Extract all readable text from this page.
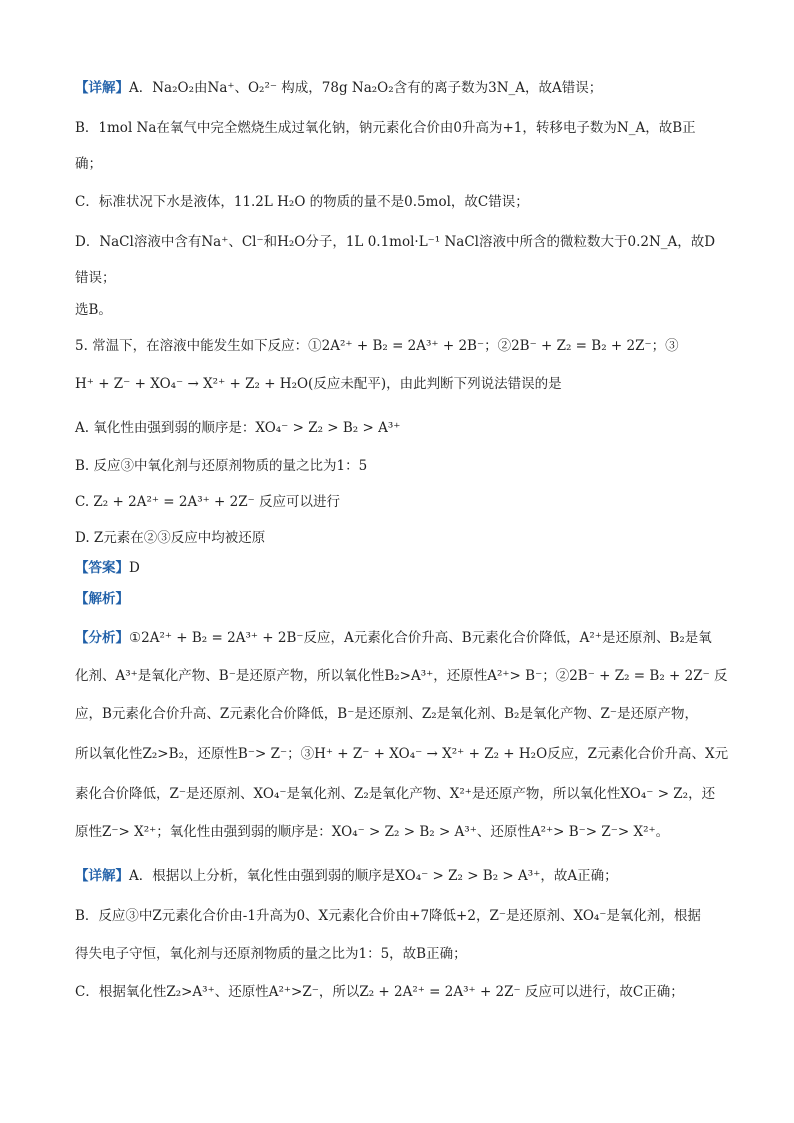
【详解】A．Na₂O₂由Na⁺、O₂²⁻ 构成，78g Na₂O₂含有的离子数为3N_A，故A错误；
B．1mol Na在氧气中完全燃烧生成过氧化钠，钠元素化合价由0升高为+1，转移电子数为N_A，故B正
确；
C．标准状况下水是液体，11.2L H₂O 的物质的量不是0.5mol，故C错误；
D．NaCl溶液中含有Na⁺、Cl⁻和H₂O分子，1L 0.1mol·L⁻¹ NaCl溶液中所含的微粒数大于0.2N_A，故D
错误；
选B。
5. 常温下，在溶液中能发生如下反应：①2A²⁺ + B₂ = 2A³⁺ + 2B⁻；②2B⁻ + Z₂ = B₂ + 2Z⁻；③
H⁺ + Z⁻ + XO₄⁻ → X²⁺ + Z₂ + H₂O(反应未配平)，由此判断下列说法错误的是
A. 氧化性由强到弱的顺序是：XO₄⁻ > Z₂ > B₂ > A³⁺
B. 反应③中氧化剂与还原剂物质的量之比为1：5
C. Z₂ + 2A²⁺ = 2A³⁺ + 2Z⁻ 反应可以进行
D. Z元素在②③反应中均被还原
【答案】D
【解析】
【分析】①2A²⁺ + B₂ = 2A³⁺ + 2B⁻反应，A元素化合价升高、B元素化合价降低，A²⁺是还原剂、B₂是氧
化剂、A³⁺是氧化产物、B⁻是还原产物，所以氧化性B₂>A³⁺，还原性A²⁺> B⁻；②2B⁻ + Z₂ = B₂ + 2Z⁻ 反
应，B元素化合价升高、Z元素化合价降低，B⁻是还原剂、Z₂是氧化剂、B₂是氧化产物、Z⁻是还原产物，
所以氧化性Z₂>B₂，还原性B⁻> Z⁻；③H⁺ + Z⁻ + XO₄⁻ → X²⁺ + Z₂ + H₂O反应，Z元素化合价升高、X元
素化合价降低，Z⁻是还原剂、XO₄⁻是氧化剂、Z₂是氧化产物、X²⁺是还原产物，所以氧化性XO₄⁻ > Z₂，还
原性Z⁻> X²⁺；氧化性由强到弱的顺序是：XO₄⁻ > Z₂ > B₂ > A³⁺、还原性A²⁺> B⁻> Z⁻> X²⁺。
【详解】A．根据以上分析，氧化性由强到弱的顺序是XO₄⁻ > Z₂ > B₂ > A³⁺，故A正确；
B．反应③中Z元素化合价由-1升高为0、X元素化合价由+7降低+2，Z⁻是还原剂、XO₄⁻是氧化剂，根据
得失电子守恒，氧化剂与还原剂物质的量之比为1：5，故B正确；
C．根据氧化性Z₂>A³⁺、还原性A²⁺>Z⁻，所以Z₂ + 2A²⁺ = 2A³⁺ + 2Z⁻ 反应可以进行，故C正确；
